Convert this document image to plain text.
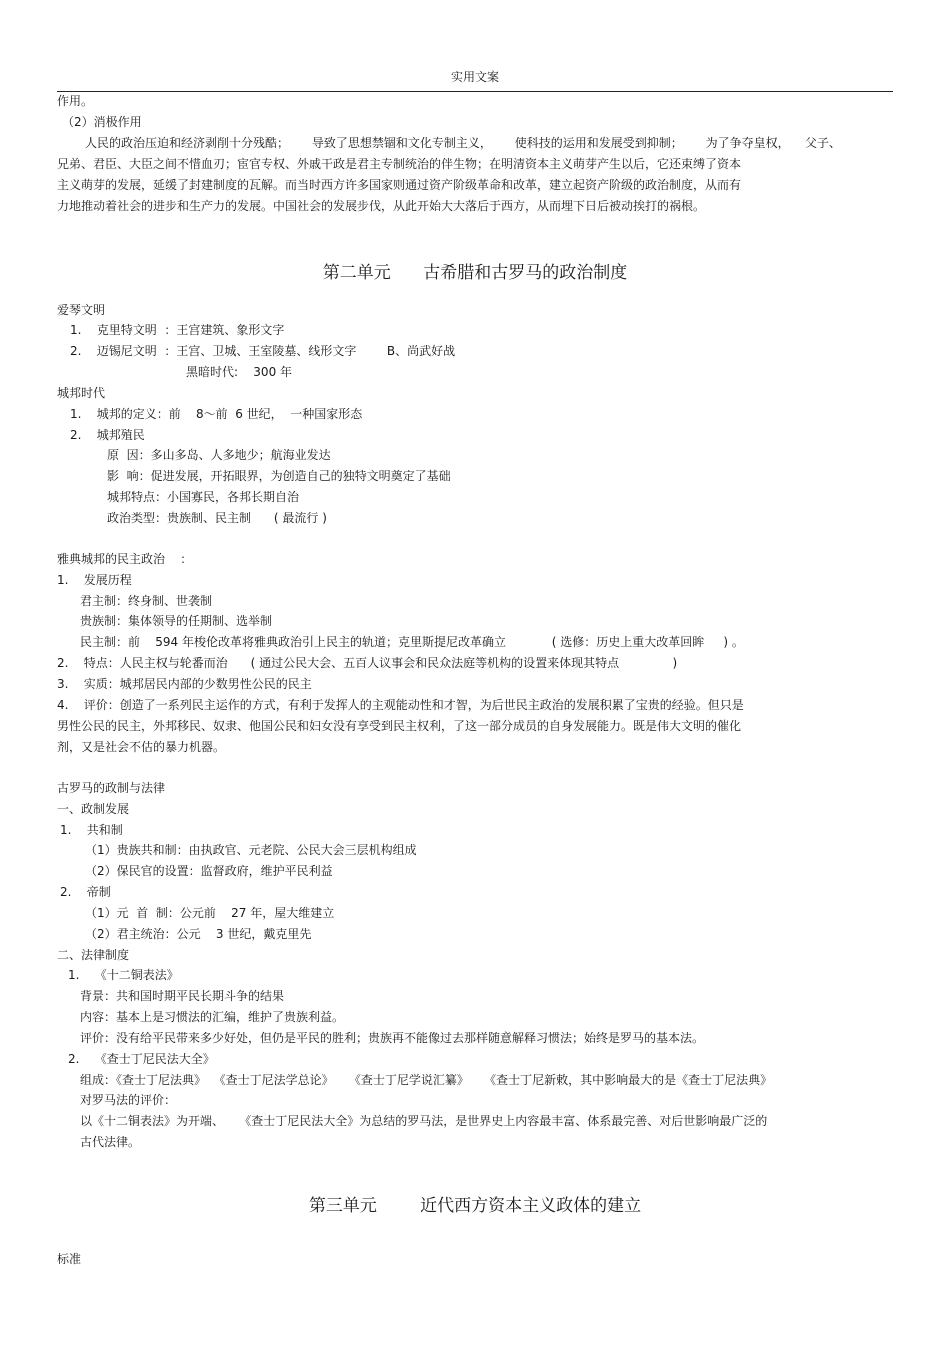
实用文案
作用。
（2）消极作用
人民的政治压迫和经济剥削十分残酷；      导致了思想禁锢和文化专制主义，      使科技的运用和发展受到抑制；      为了争夺皇权，    父子、
兄弟、君臣、大臣之间不惜血刃；宦官专权、外戚干政是君主专制统治的伴生物；在明清资本主义萌芽产生以后，它还束缚了资本
主义萌芽的发展，延缓了封建制度的瓦解。而当时西方许多国家则通过资产阶级革命和改革，建立起资产阶级的政治制度，从而有
力地推动着社会的进步和生产力的发展。中国社会的发展步伐，从此开始大大落后于西方，从而埋下日后被动挨打的祸根。
爱琴文明
1.    克里特文明  ：王宫建筑、象形文字
2.    迈锡尼文明  ：王宫、卫城、王室陵墓、线形文字        B、尚武好战
黑暗时代:    300 年
城邦时代
1.    城邦的定义：前    8～前  6 世纪，  一种国家形态
2.    城邦殖民
原  因：多山多岛、人多地少；航海业发达
影  响：促进发展，开拓眼界，为创造自己的独特文明奠定了基础
城邦特点：小国寡民，各邦长期自治
政治类型：贵族制、民主制      ( 最流行 )
雅典城邦的民主政治    ：
1.    发展历程
君主制：终身制、世袭制
贵族制：集体领导的任期制、选举制
民主制：前    594 年梭伦改革将雅典政治引上民主的轨道；克里斯提尼改革确立            ( 选修：历史上重大改革回眸     ) 。
2.    特点：人民主权与轮番而治      ( 通过公民大会、五百人议事会和民众法庭等机构的设置来体现其特点              )
3.    实质：城邦居民内部的少数男性公民的民主
4.    评价：创造了一系列民主运作的方式，有利于发挥人的主观能动性和才智，为后世民主政治的发展积累了宝贵的经验。但只是
男性公民的民主，外邦移民、奴隶、他国公民和妇女没有享受到民主权利，了这一部分成员的自身发展能力。既是伟大文明的催化
剂，又是社会不估的暴力机器。
古罗马的政制与法律
一、政制发展
1.    共和制
（1）贵族共和制：由执政官、元老院、公民大会三层机构组成
（2）保民官的设置：监督政府，维护平民利益
2.    帝制
（1）元  首  制：公元前    27 年，屋大维建立
（2）君主统治：公元    3 世纪，戴克里先
二、法律制度
1.    《十二铜表法》
背景：共和国时期平民长期斗争的结果
内容：基本上是习惯法的汇编，维护了贵族利益。
评价：没有给平民带来多少好处，但仍是平民的胜利；贵族再不能像过去那样随意解释习惯法；始终是罗马的基本法。
2.    《查士丁尼民法大全》
组成：《查士丁尼法典》  《查士丁尼法学总论》    《查士丁尼学说汇纂》    《查士丁尼新敕，其中影响最大的是《查士丁尼法典》
对罗马法的评价：
以《十二铜表法》为开端、    《查士丁尼民法大全》为总结的罗马法，是世界史上内容最丰富、体系最完善、对后世影响最广泛的
古代法律。
第二单元      古希腊和古罗马的政治制度
第三单元        近代西方资本主义政体的建立
标准
